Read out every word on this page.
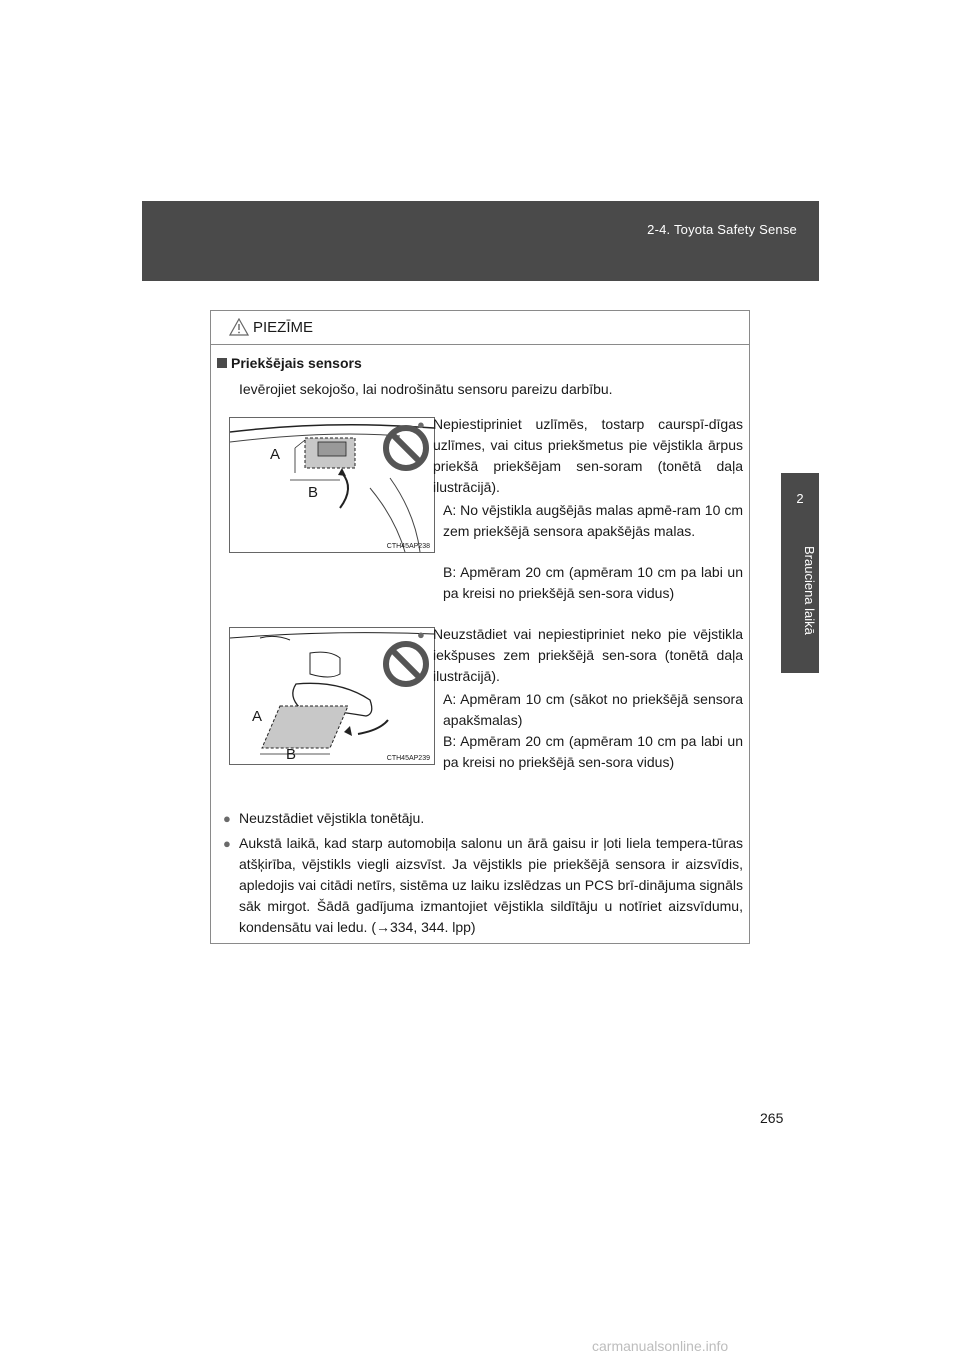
2-4. Toyota Safety Sense
2
Brauciena laikā
PIEZĪME
Priekšējais sensors
Ievērojiet sekojošo, lai nodrošinātu sensoru pareizu darbību.
A
B
CTH45AP238
● Nepiestipriniet uzlīmēs, tostarp caurspī-dīgas uzlīmes, vai citus priekšmetus pie vējstikla ārpus priekšā priekšējam sen-soram (tonētā daļa ilustrācijā).
A: No vējstikla augšējās malas apmē-ram 10 cm zem priekšējā sensora apakšējās malas.
B: Apmēram 20 cm (apmēram 10 cm pa labi un pa kreisi no priekšējā sen-sora vidus)
A
B	CTH45AP239
● Neuzstādiet vai nepiestipriniet neko pie vējstikla iekšpuses zem priekšējā sen-sora (tonētā daļa ilustrācijā).
A: Apmēram 10 cm (sākot no priekšējā sensora apakšmalas)
B: Apmēram 20 cm (apmēram 10 cm pa labi un pa kreisi no priekšējā sen-sora vidus)
● Neuzstādiet vējstikla tonētāju.
● Aukstā laikā, kad starp automobiļa salonu un ārā gaisu ir ļoti liela tempera-tūras atšķirība, vējstikls viegli aizsvīst. Ja vējstikls pie priekšējā sensora ir aizsvīdis, apledojis vai citādi netīrs, sistēma uz laiku izslēdzas un PCS brī-dinājuma signāls sāk mirgot. Šādā gadījuma izmantojiet vējstikla sildītāju u notīriet aizsvīdumu, kondensātu vai ledu. (→334, 344. lpp)
265
carmanualsonline.info
